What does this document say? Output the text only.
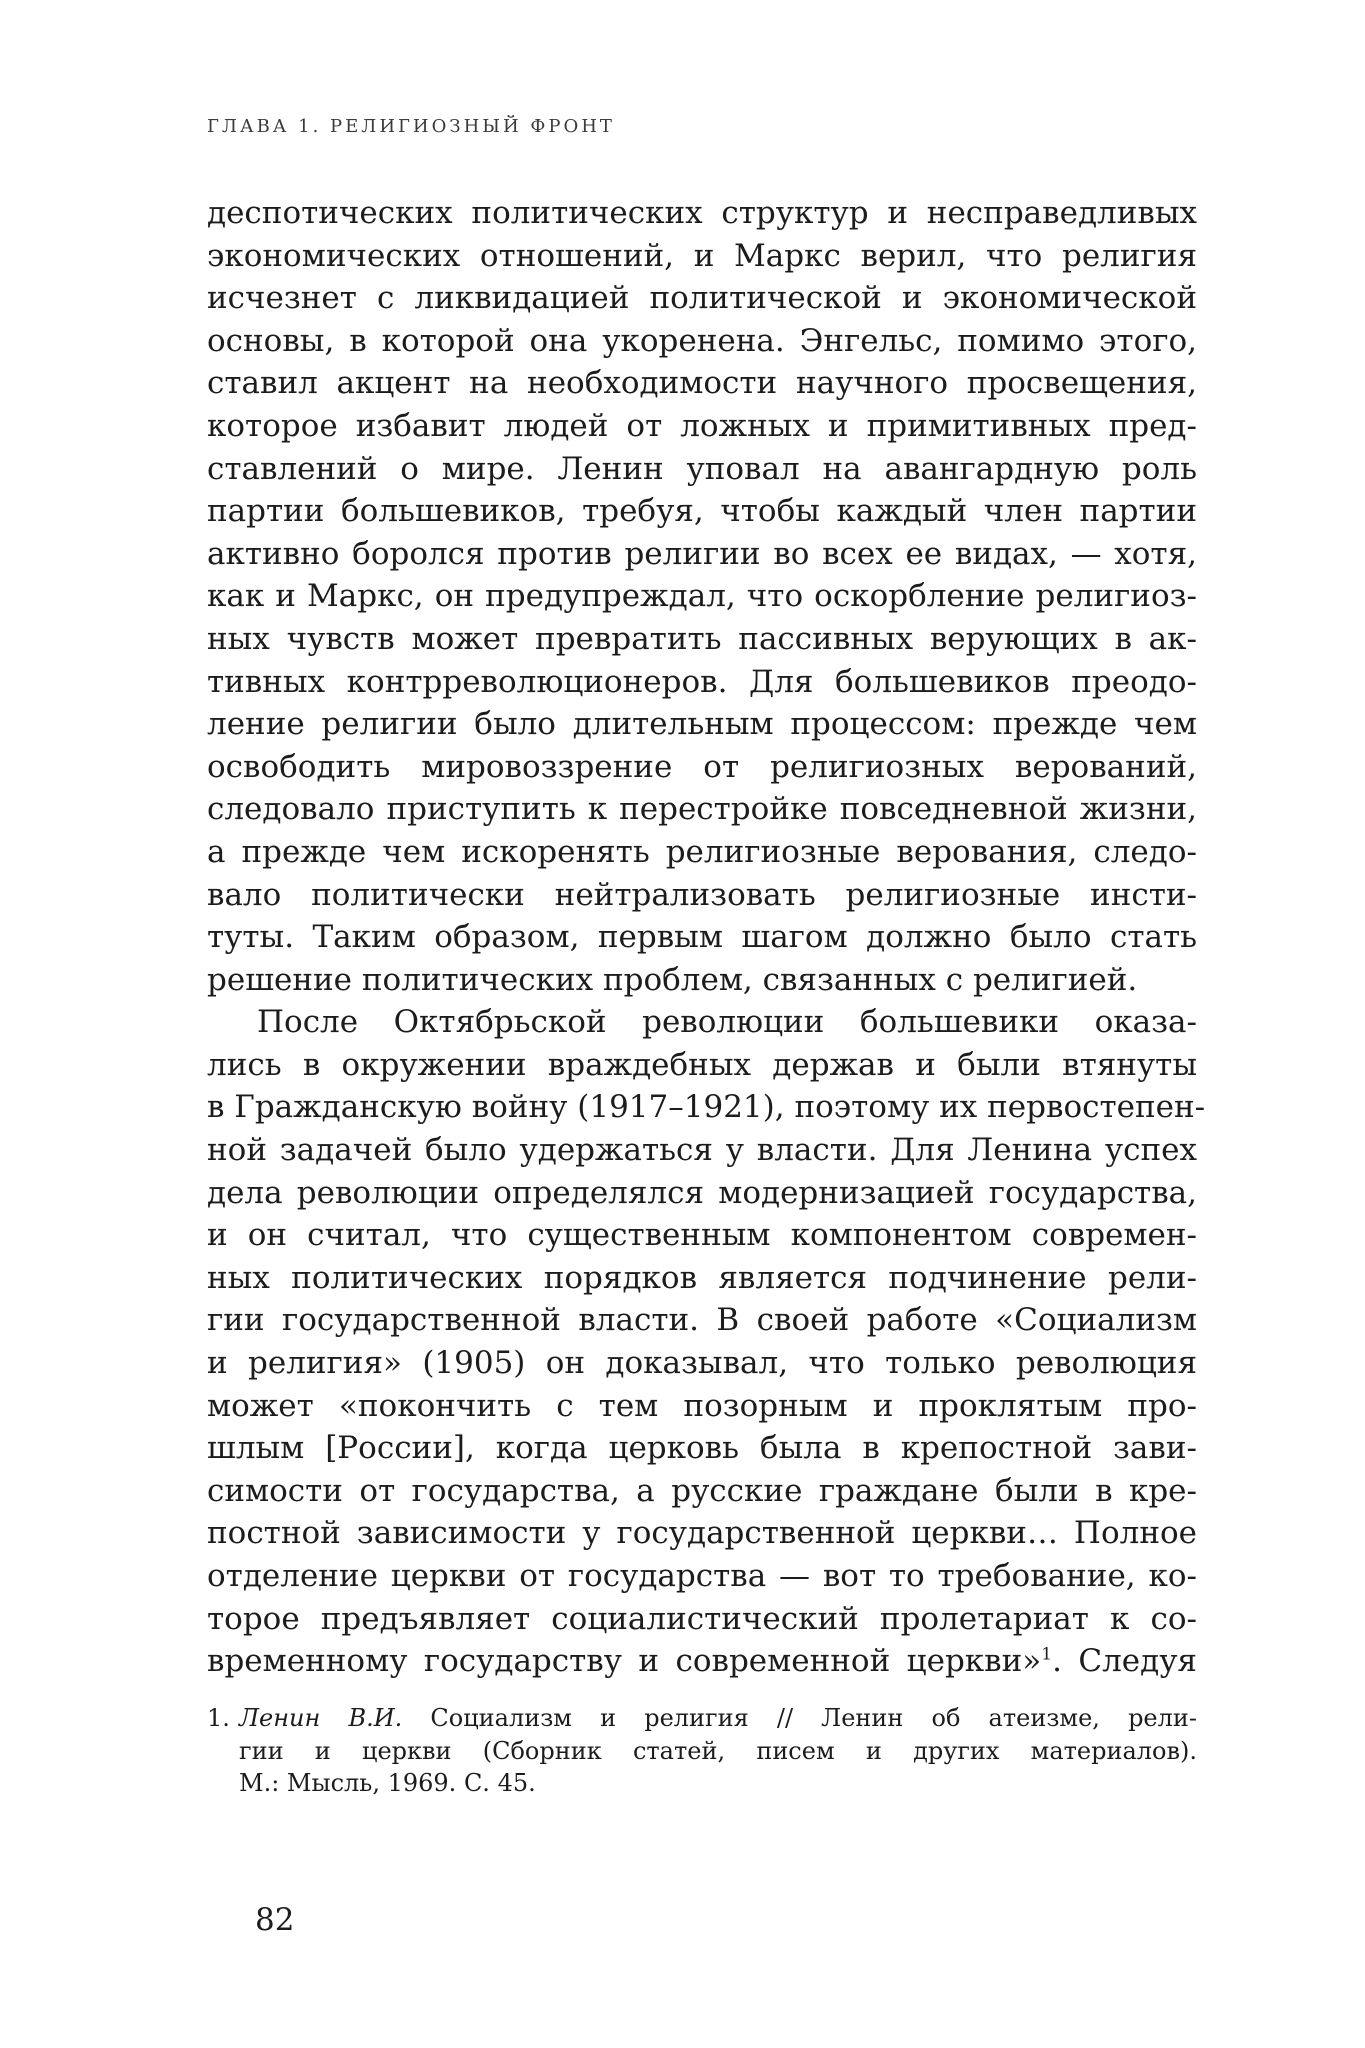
ГЛАВА 1. РЕЛИГИОЗНЫЙ ФРОНТ
деспотических политических структур и несправедливых
экономических отношений, и Маркс верил, что религия
исчезнет с ликвидацией политической и экономической
основы, в которой она укоренена. Энгельс, помимо этого,
ставил акцент на необходимости научного просвещения,
которое избавит людей от ложных и примитивных пред-
ставлений о мире. Ленин уповал на авангардную роль
партии большевиков, требуя, чтобы каждый член партии
активно боролся против религии во всех ее видах, — хотя,
как и Маркс, он предупреждал, что оскорбление религиоз-
ных чувств может превратить пассивных верующих в ак-
тивных контрреволюционеров. Для большевиков преодо-
ление религии было длительным процессом: прежде чем
освободить мировоззрение от религиозных верований,
следовало приступить к перестройке повседневной жизни,
а прежде чем искоренять религиозные верования, следо-
вало политически нейтрализовать религиозные инсти-
туты. Таким образом, первым шагом должно было стать
решение политических проблем, связанных с религией.
После Октябрьской революции большевики оказа-
лись в окружении враждебных держав и были втянуты
в Гражданскую войну (1917–1921), поэтому их первостепен-
ной задачей было удержаться у власти. Для Ленина успех
дела революции определялся модернизацией государства,
и он считал, что существенным компонентом современ-
ных политических порядков является подчинение рели-
гии государственной власти. В своей работе «Социализм
и религия» (1905) он доказывал, что только революция
может «покончить с тем позорным и проклятым про-
шлым [России], когда церковь была в крепостной зави-
симости от государства, а русские граждане были в кре-
постной зависимости у государственной церкви… Полное
отделение церкви от государства — вот то требование, ко-
торое предъявляет социалистический пролетариат к со-
временному государству и современной церкви»$^1$. Следуя
1. Ленин В.И. Социализм и религия // Ленин об атеизме, рели-
гии и церкви (Сборник статей, писем и других материалов).
М.: Мысль, 1969. С. 45.
82
